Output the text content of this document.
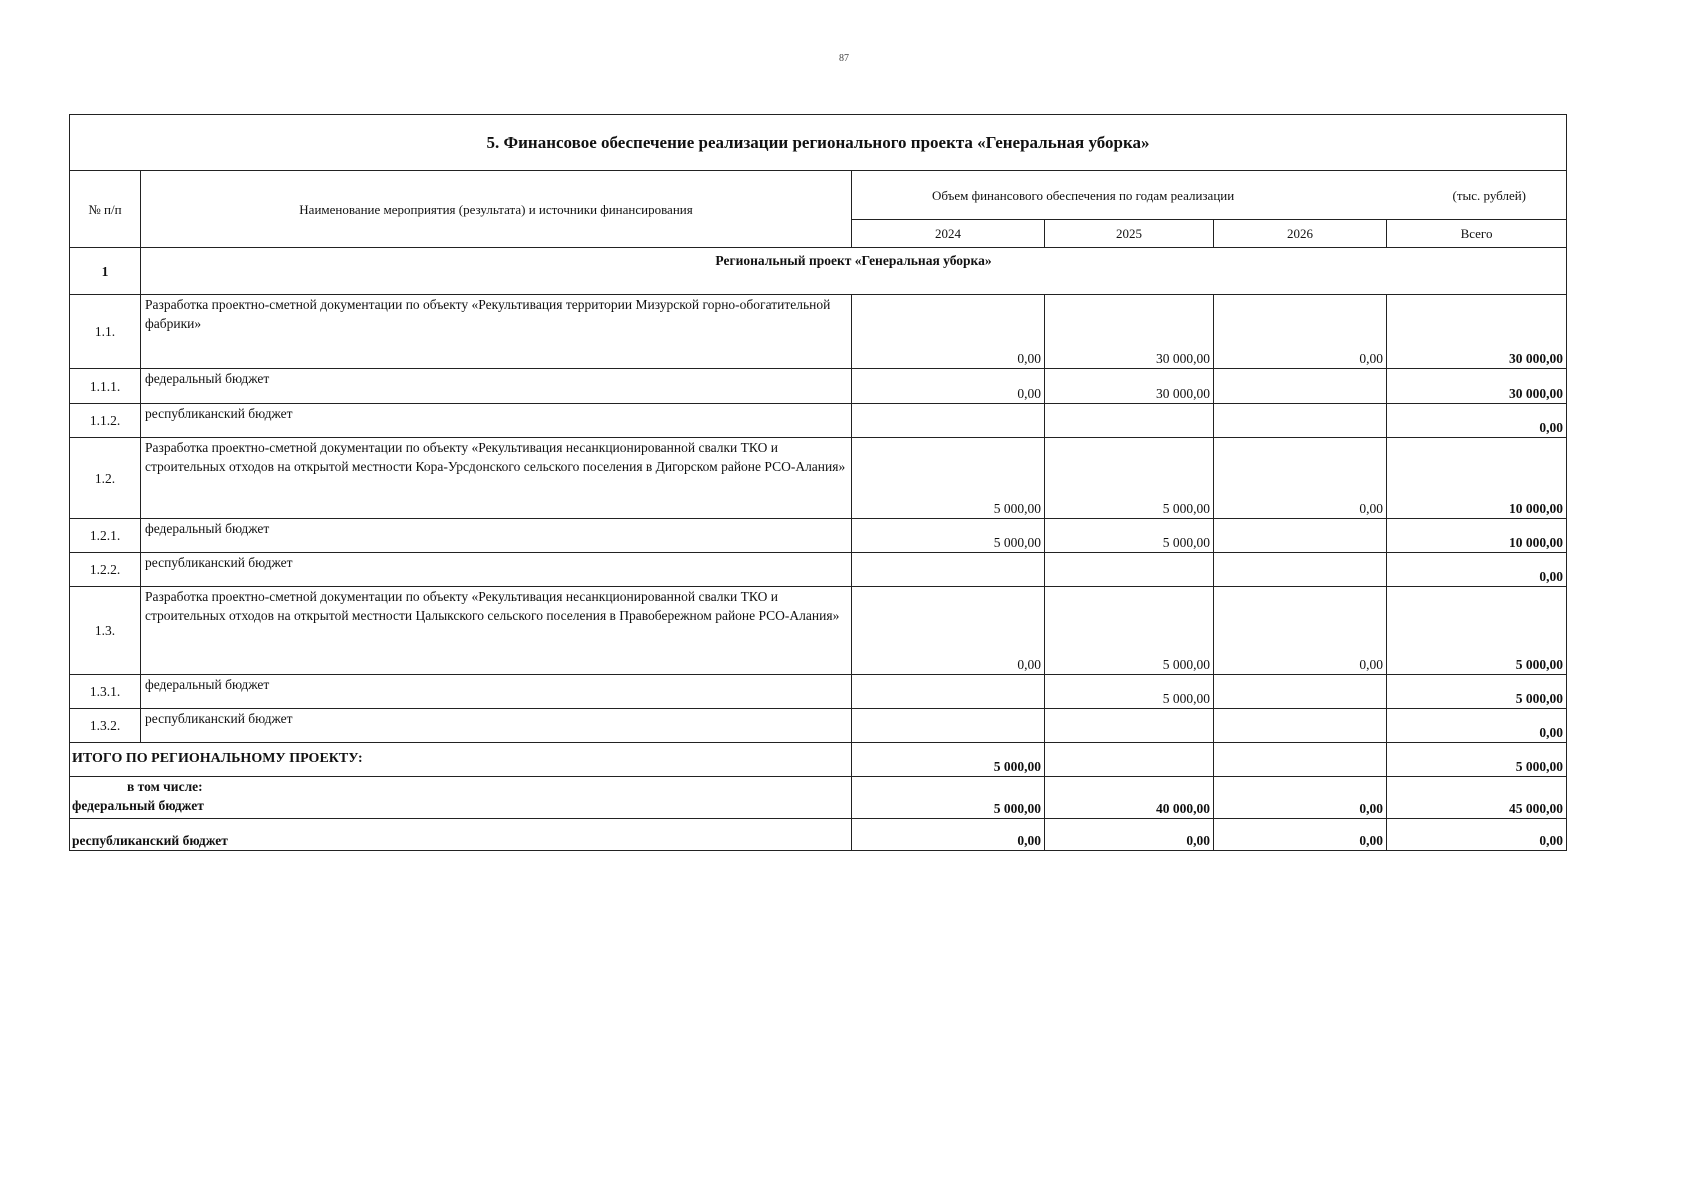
87
5. Финансовое обеспечение реализации регионального проекта «Генеральная уборка»					
№ п/п	Наименование мероприятия (результата) и источники финансирования	(тыс. рублей)
Объем финансового обеспечения по годам реализации			
		2024	2025	2026	Всего
1	Региональный проект «Генеральная уборка»				
1.1.	Разработка проектно-сметной документации по объекту «Рекультивация территории Мизурской горно-обогатительной фабрики»	0,00	30 000,00	0,00	30 000,00
1.1.1.	федеральный бюджет	0,00	30 000,00		30 000,00
1.1.2.	республиканский бюджет				0,00
1.2.	Разработка проектно-сметной документации по объекту «Рекультивация несанкционированной свалки ТКО и строительных отходов на открытой местности Кора-Урсдонского сельского поселения в Дигорском районе РСО-Алания»	5 000,00	5 000,00	0,00	10 000,00
1.2.1.	федеральный бюджет	5 000,00	5 000,00		10 000,00
1.2.2.	республиканский бюджет				0,00
1.3.	Разработка проектно-сметной документации по объекту «Рекультивация несанкционированной свалки ТКО и строительных отходов на открытой местности Цалыкского сельского поселения в Правобережном районе РСО-Алания»	0,00	5 000,00	0,00	5 000,00
1.3.1.	федеральный бюджет		5 000,00		5 000,00
1.3.2.	республиканский бюджет				0,00
ИТОГО ПО РЕГИОНАЛЬНОМУ ПРОЕКТУ:		5 000,00			5 000,00

в том числе:
федеральный бюджет		5 000,00	40 000,00	0,00	45 000,00
республиканский бюджет		0,00	0,00	0,00	0,00
